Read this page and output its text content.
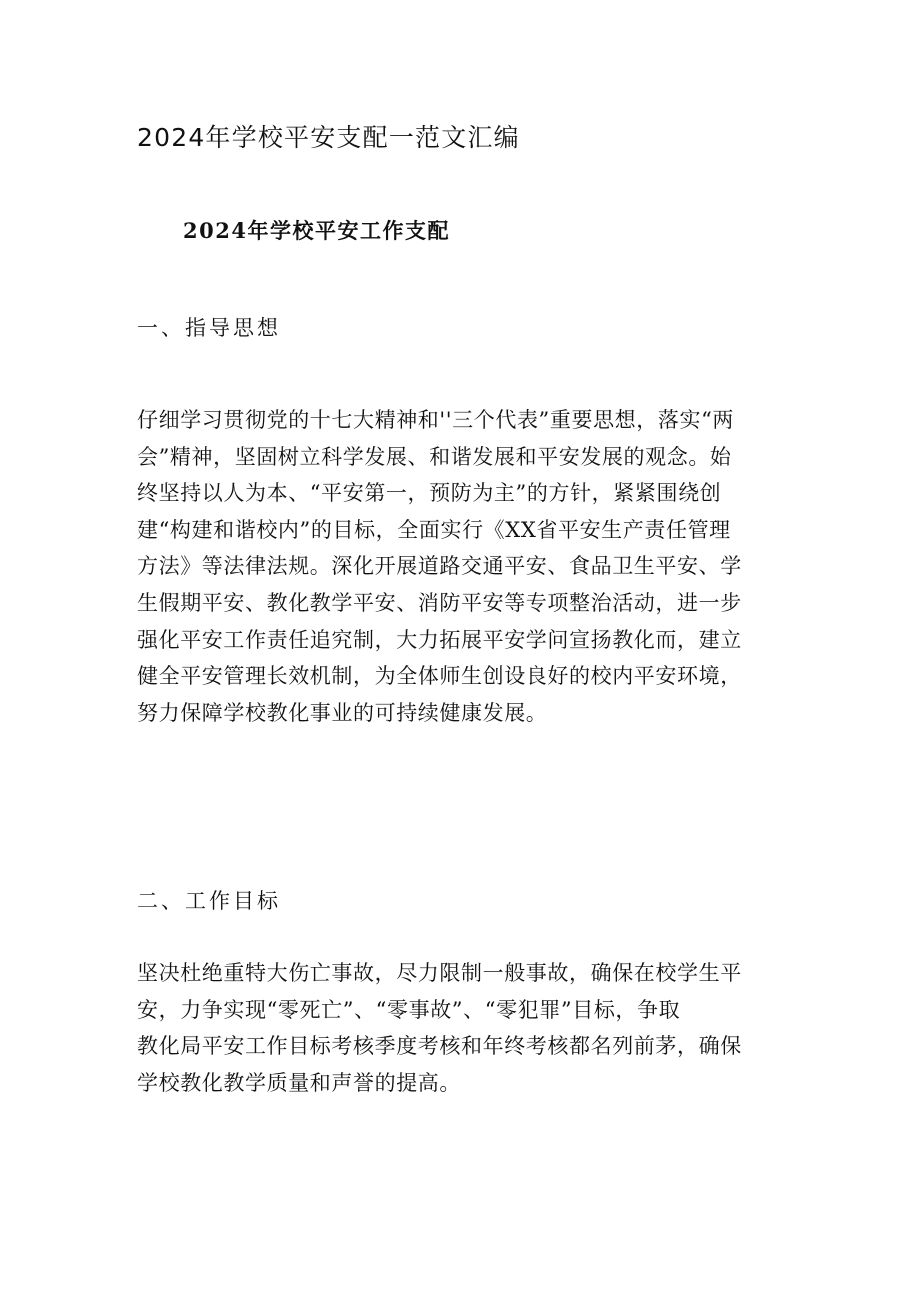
2024年学校平安支配一范文汇编
2024年学校平安工作支配
一、指导思想
仔细学习贯彻党的十七大精神和''三个代表”重要思想，落实“两
会”精神，坚固树立科学发展、和谐发展和平安发展的观念。始
终坚持以人为本、“平安第一，预防为主”的方针，紧紧围绕创
建“构建和谐校内”的目标，全面实行《XX省平安生产责任管理
方法》等法律法规。深化开展道路交通平安、食品卫生平安、学
生假期平安、教化教学平安、消防平安等专项整治活动，进一步
强化平安工作责任追究制，大力拓展平安学问宣扬教化而，建立
健全平安管理长效机制，为全体师生创设良好的校内平安环境，
努力保障学校教化事业的可持续健康发展。
二、工作目标
坚决杜绝重特大伤亡事故，尽力限制一般事故，确保在校学生平
安，力争实现“零死亡”、“零事故”、“零犯罪”目标，争取
教化局平安工作目标考核季度考核和年终考核都名列前茅，确保
学校教化教学质量和声誉的提高。
